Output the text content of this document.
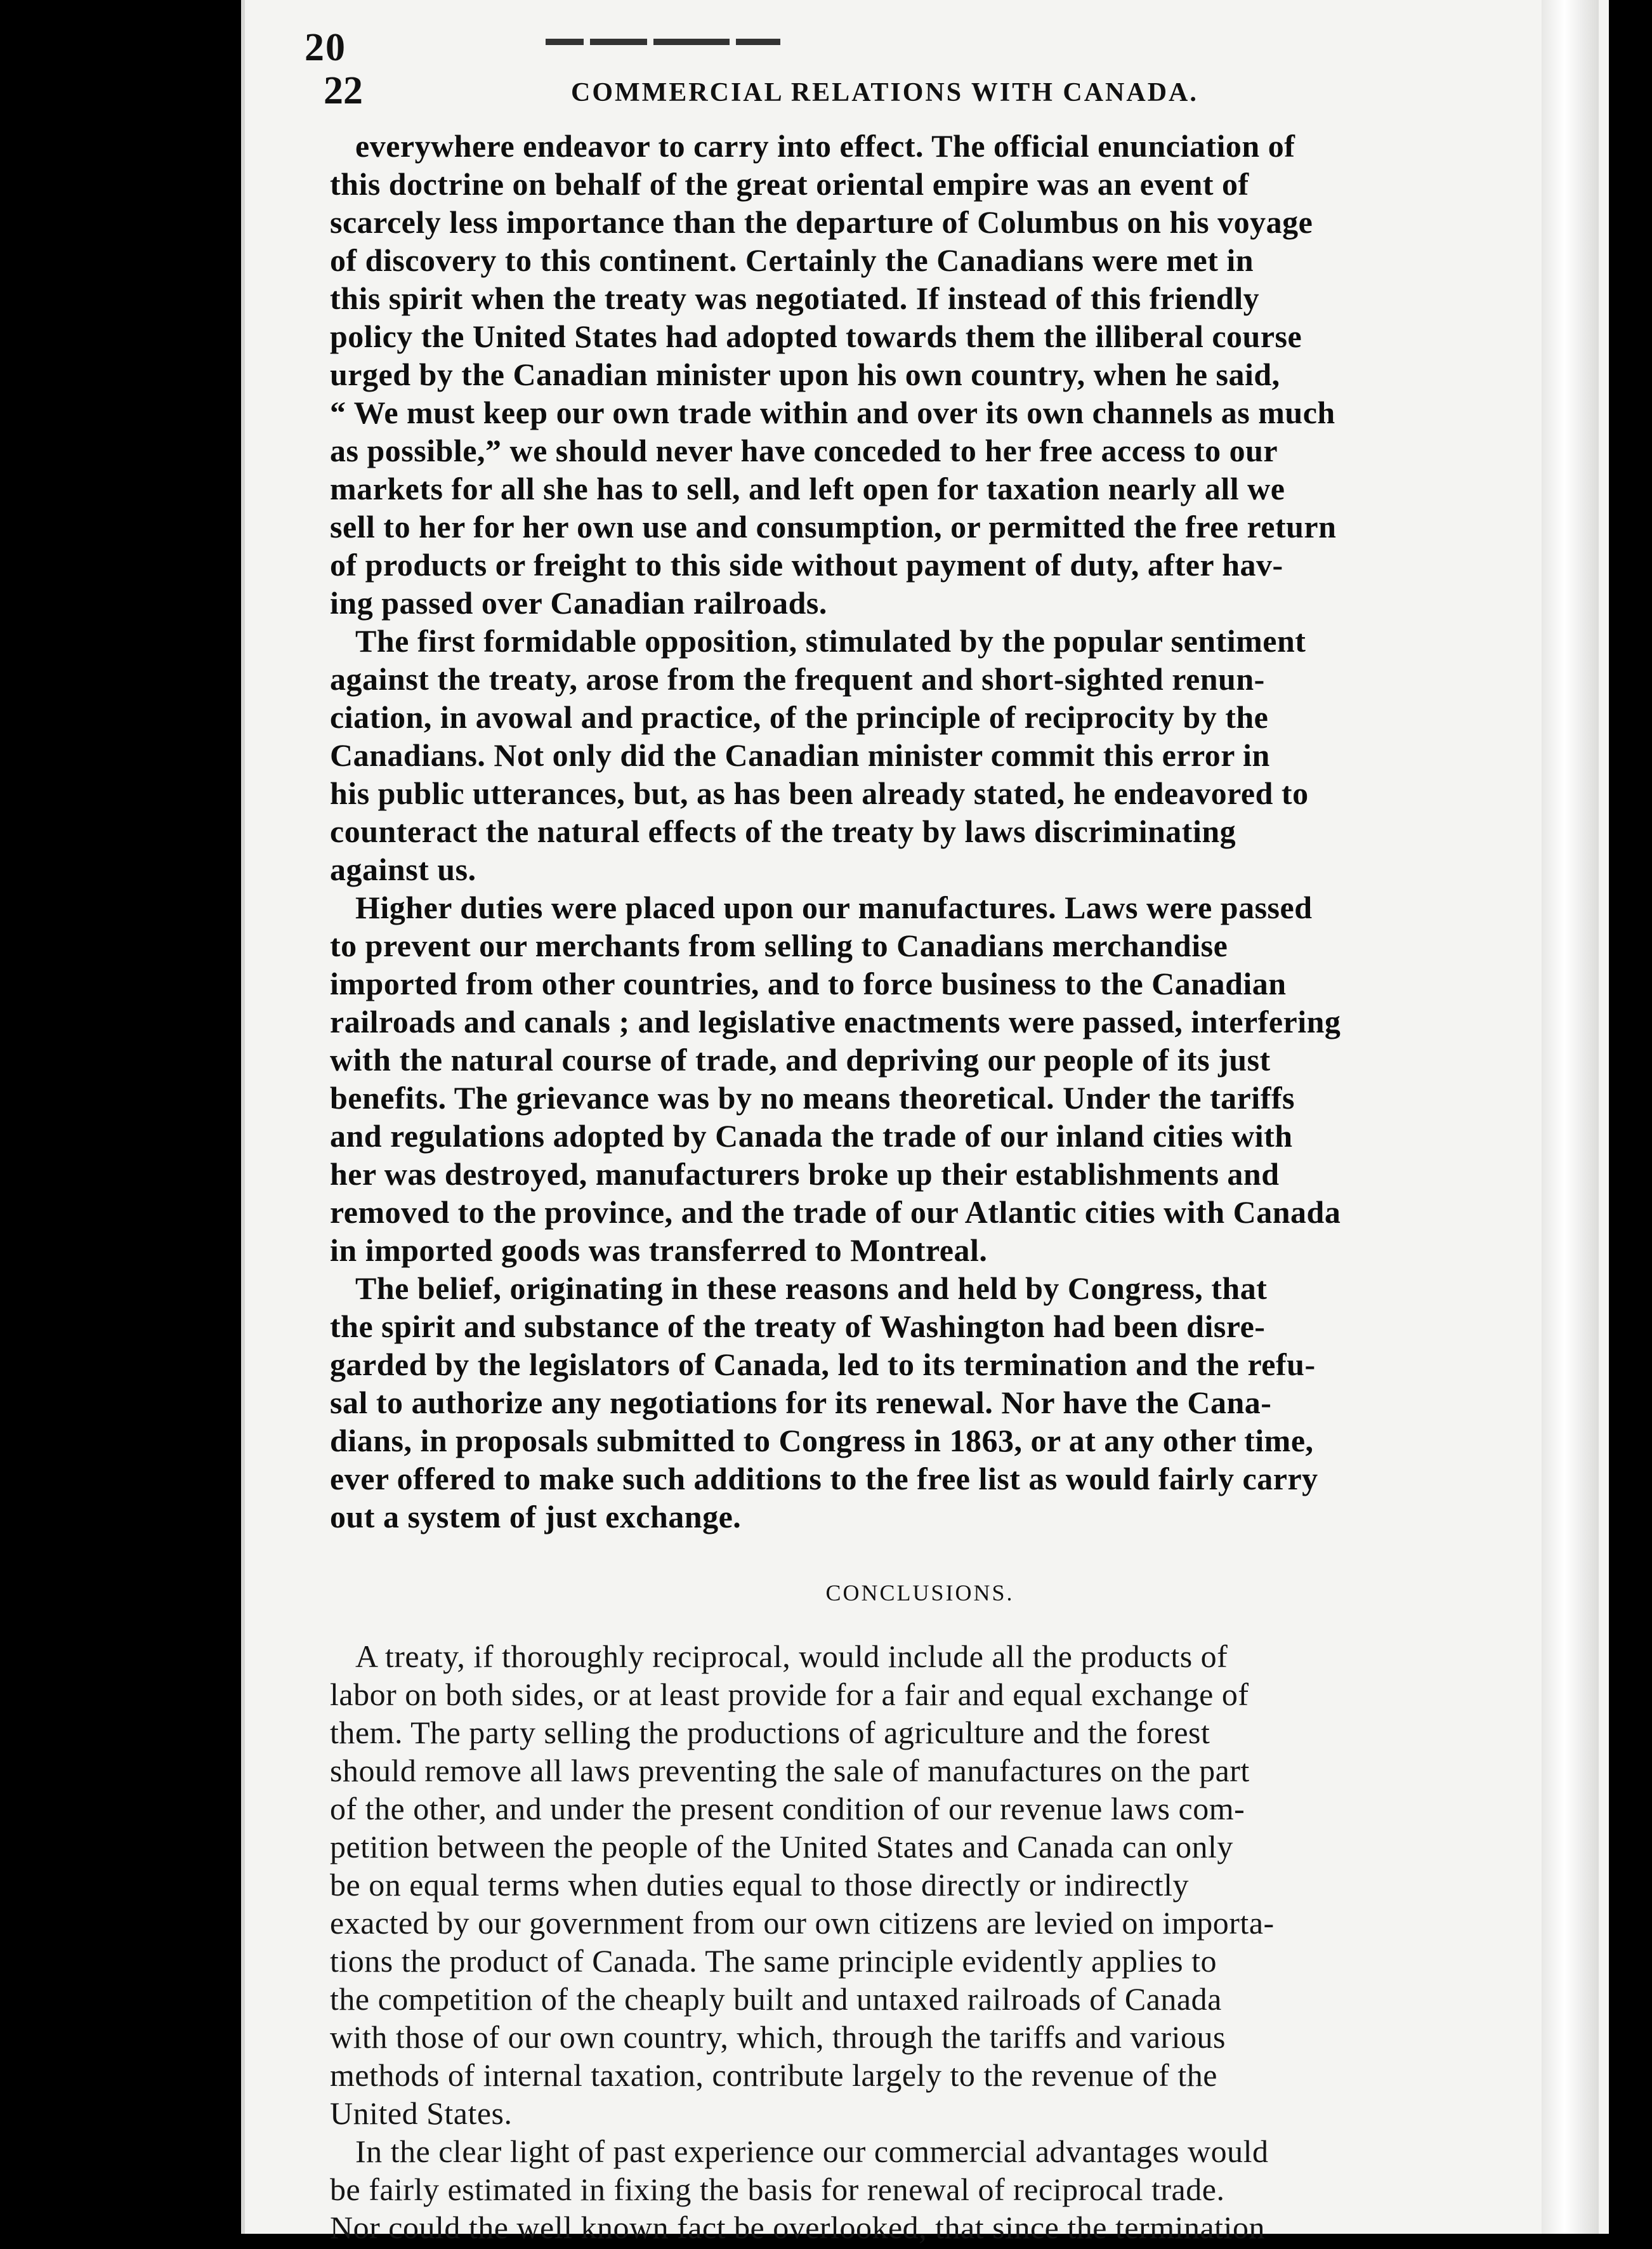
20
22	COMMERCIAL RELATIONS WITH CANADA.
everywhere endeavor to carry into effect. The official enunciation of
this doctrine on behalf of the great oriental empire was an event of
scarcely less importance than the departure of Columbus on his voyage
of discovery to this continent. Certainly the Canadians were met in
this spirit when the treaty was negotiated. If instead of this friendly
policy the United States had adopted towards them the illiberal course
urged by the Canadian minister upon his own country, when he said,
“ We must keep our own trade within and over its own channels as much
as possible,” we should never have conceded to her free access to our
markets for all she has to sell, and left open for taxation nearly all we
sell to her for her own use and consumption, or permitted the free return
of products or freight to this side without payment of duty, after hav-
ing passed over Canadian railroads.
The first formidable opposition, stimulated by the popular sentiment
against the treaty, arose from the frequent and short-sighted renun-
ciation, in avowal and practice, of the principle of reciprocity by the
Canadians. Not only did the Canadian minister commit this error in
his public utterances, but, as has been already stated, he endeavored to
counteract the natural effects of the treaty by laws discriminating
against us.
Higher duties were placed upon our manufactures. Laws were passed
to prevent our merchants from selling to Canadians merchandise
imported from other countries, and to force business to the Canadian
railroads and canals ; and legislative enactments were passed, interfering
with the natural course of trade, and depriving our people of its just
benefits. The grievance was by no means theoretical. Under the tariffs
and regulations adopted by Canada the trade of our inland cities with
her was destroyed, manufacturers broke up their establishments and
removed to the province, and the trade of our Atlantic cities with Canada
in imported goods was transferred to Montreal.
The belief, originating in these reasons and held by Congress, that
the spirit and substance of the treaty of Washington had been disre-
garded by the legislators of Canada, led to its termination and the refu-
sal to authorize any negotiations for its renewal. Nor have the Cana-
dians, in proposals submitted to Congress in 1863, or at any other time,
ever offered to make such additions to the free list as would fairly carry
out a system of just exchange.
CONCLUSIONS.
A treaty, if thoroughly reciprocal, would include all the products of
labor on both sides, or at least provide for a fair and equal exchange of
them. The party selling the productions of agriculture and the forest
should remove all laws preventing the sale of manufactures on the part
of the other, and under the present condition of our revenue laws com-
petition between the people of the United States and Canada can only
be on equal terms when duties equal to those directly or indirectly
exacted by our government from our own citizens are levied on importa-
tions the product of Canada. The same principle evidently applies to
the competition of the cheaply built and untaxed railroads of Canada
with those of our own country, which, through the tariffs and various
methods of internal taxation, contribute largely to the revenue of the
United States.
In the clear light of past experience our commercial advantages would
be fairly estimated in fixing the basis for renewal of reciprocal trade.
Nor could the well known fact be overlooked, that since the termination
